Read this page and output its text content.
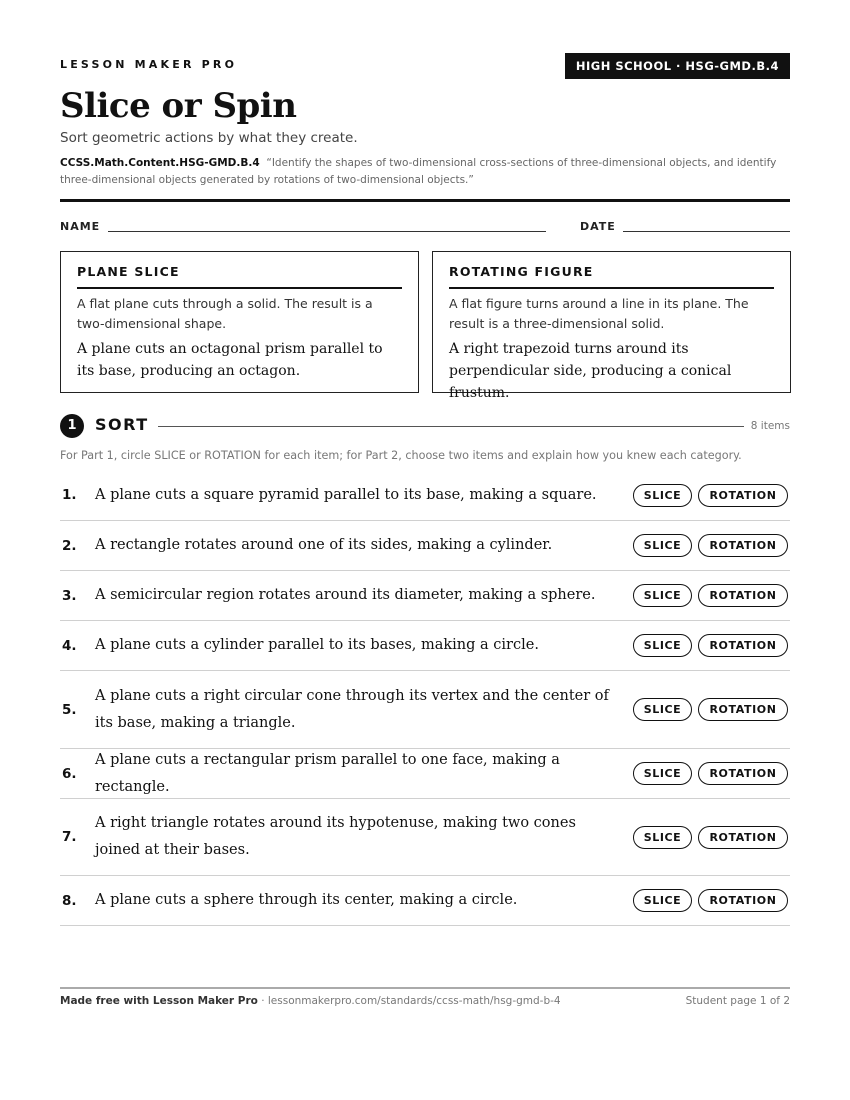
LESSON MAKER PRO	HIGH SCHOOL · HSG-GMD.B.4
Slice or Spin
Sort geometric actions by what they create.
CCSS.Math.Content.HSG-GMD.B.4 “Identify the shapes of two-dimensional cross-sections of three-dimensional objects, and identify three-dimensional objects generated by rotations of two-dimensional objects.”
NAME	DATE
PLANE SLICE
A flat plane cuts through a solid. The result is a two-dimensional shape.
A plane cuts an octagonal prism parallel to its base, producing an octagon.
ROTATING FIGURE
A flat figure turns around a line in its plane. The result is a three-dimensional solid.
A right trapezoid turns around its perpendicular side, producing a conical frustum.
1	SORT	8 items
For Part 1, circle SLICE or ROTATION for each item; for Part 2, choose two items and explain how you knew each category.
1. A plane cuts a square pyramid parallel to its base, making a square.	SLICE	ROTATION
2. A rectangle rotates around one of its sides, making a cylinder.	SLICE	ROTATION
3. A semicircular region rotates around its diameter, making a sphere.	SLICE	ROTATION
4. A plane cuts a cylinder parallel to its bases, making a circle.	SLICE	ROTATION
5.
A plane cuts a right circular cone through its vertex and the center of its base, making a triangle.
SLICE	ROTATION
6.
A plane cuts a rectangular prism parallel to one face, making a rectangle.
SLICE	ROTATION
7.
A right triangle rotates around its hypotenuse, making two cones joined at their bases.
SLICE	ROTATION
8. A plane cuts a sphere through its center, making a circle.	SLICE	ROTATION
Made free with Lesson Maker Pro · lessonmakerpro.com/standards/ccss-math/hsg-gmd-b-4	Student page 1 of 2
